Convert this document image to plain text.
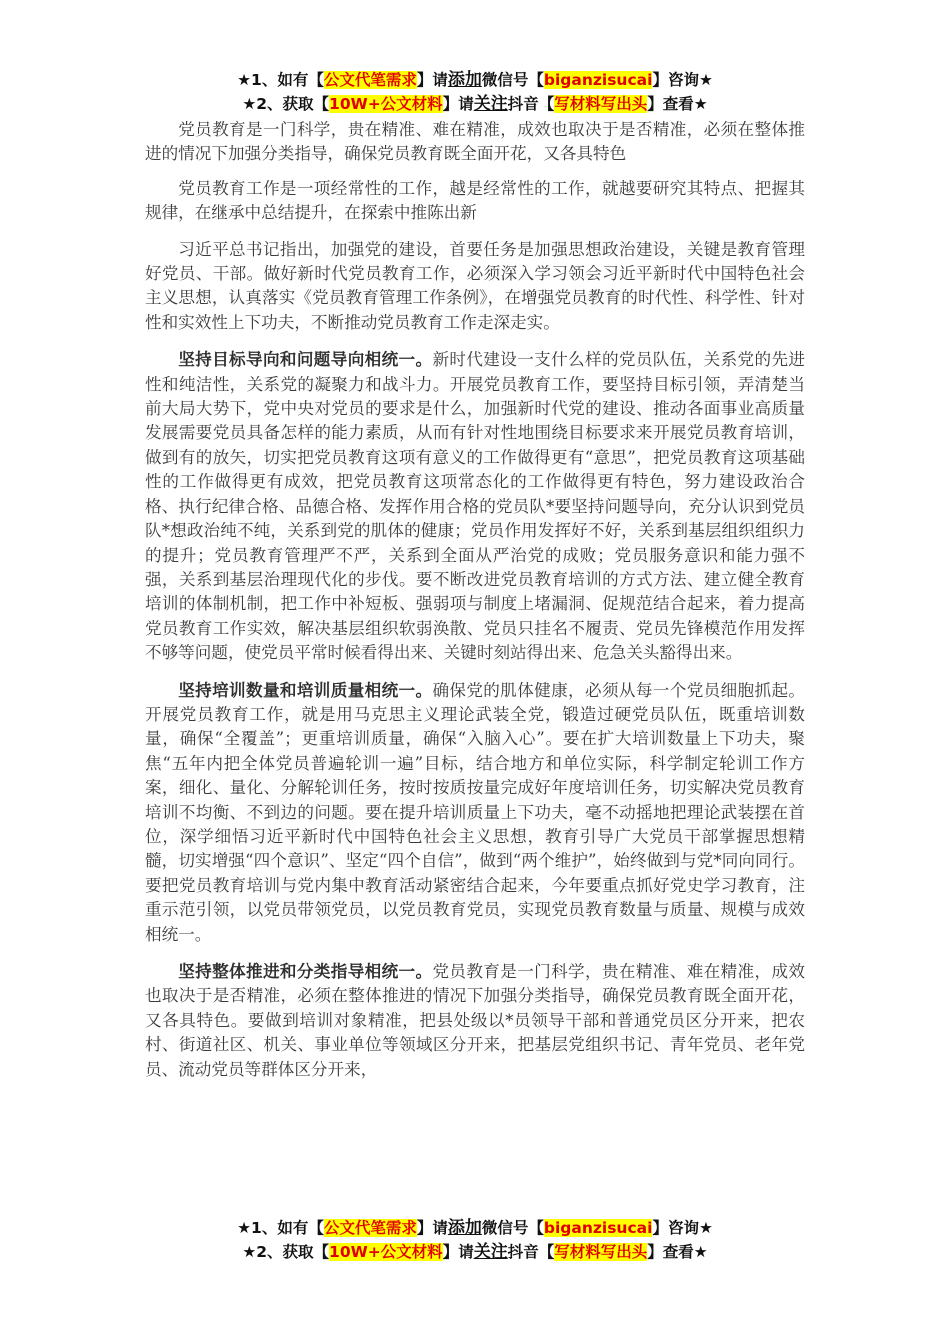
★1、如有【公文代笔需求】请添加微信号【biganzisucai】咨询★
★2、获取【10W+公文材料】请关注抖音【写材料写出头】查看★

党员教育是一门科学，贵在精准、难在精准，成效也取决于是否精准，必须在整体推进的情况下加强分类指导，确保党员教育既全面开花，又各具特色

党员教育工作是一项经常性的工作，越是经常性的工作，就越要研究其特点、把握其规律，在继承中总结提升，在探索中推陈出新

习近平总书记指出，加强党的建设，首要任务是加强思想政治建设，关键是教育管理好党员、干部。做好新时代党员教育工作，必须深入学习领会习近平新时代中国特色社会主义思想，认真落实《党员教育管理工作条例》，在增强党员教育的时代性、科学性、针对性和实效性上下功夫，不断推动党员教育工作走深走实。

坚持目标导向和问题导向相统一。新时代建设一支什么样的党员队伍，关系党的先进性和纯洁性，关系党的凝聚力和战斗力。开展党员教育工作，要坚持目标引领，弄清楚当前大局大势下，党中央对党员的要求是什么，加强新时代党的建设、推动各面事业高质量发展需要党员具备怎样的能力素质，从而有针对性地围绕目标要求来开展党员教育培训，做到有的放矢，切实把党员教育这项有意义的工作做得更有“意思”，把党员教育这项基础性的工作做得更有成效，把党员教育这项常态化的工作做得更有特色，努力建设政治合格、执行纪律合格、品德合格、发挥作用合格的党员队*要坚持问题导向，充分认识到党员队*想政治纯不纯，关系到党的肌体的健康；党员作用发挥好不好，关系到基层组织组织力的提升；党员教育管理严不严，关系到全面从严治党的成败；党员服务意识和能力强不强，关系到基层治理现代化的步伐。要不断改进党员教育培训的方式方法、建立健全教育培训的体制机制，把工作中补短板、强弱项与制度上堵漏洞、促规范结合起来，着力提高党员教育工作实效，解决基层组织软弱涣散、党员只挂名不履责、党员先锋模范作用发挥不够等问题，使党员平常时候看得出来、关键时刻站得出来、危急关头豁得出来。

坚持培训数量和培训质量相统一。确保党的肌体健康，必须从每一个党员细胞抓起。开展党员教育工作，就是用马克思主义理论武装全党，锻造过硬党员队伍，既重培训数量，确保“全覆盖”；更重培训质量，确保“入脑入心”。要在扩大培训数量上下功夫，聚焦“五年内把全体党员普遍轮训一遍”目标，结合地方和单位实际，科学制定轮训工作方案，细化、量化、分解轮训任务，按时按质按量完成好年度培训任务，切实解决党员教育培训不均衡、不到边的问题。要在提升培训质量上下功夫，毫不动摇地把理论武装摆在首位，深学细悟习近平新时代中国特色社会主义思想，教育引导广大党员干部掌握思想精髓，切实增强“四个意识”、坚定“四个自信”，做到“两个维护”，始终做到与党*同向同行。要把党员教育培训与党内集中教育活动紧密结合起来，今年要重点抓好党史学习教育，注重示范引领，以党员带领党员，以党员教育党员，实现党员教育数量与质量、规模与成效相统一。

坚持整体推进和分类指导相统一。党员教育是一门科学，贵在精准、难在精准，成效也取决于是否精准，必须在整体推进的情况下加强分类指导，确保党员教育既全面开花，又各具特色。要做到培训对象精准，把县处级以*员领导干部和普通党员区分开来，把农村、街道社区、机关、事业单位等领域区分开来，把基层党组织书记、青年党员、老年党员、流动党员等群体区分开来，

★1、如有【公文代笔需求】请添加微信号【biganzisucai】咨询★
★2、获取【10W+公文材料】请关注抖音【写材料写出头】查看★
